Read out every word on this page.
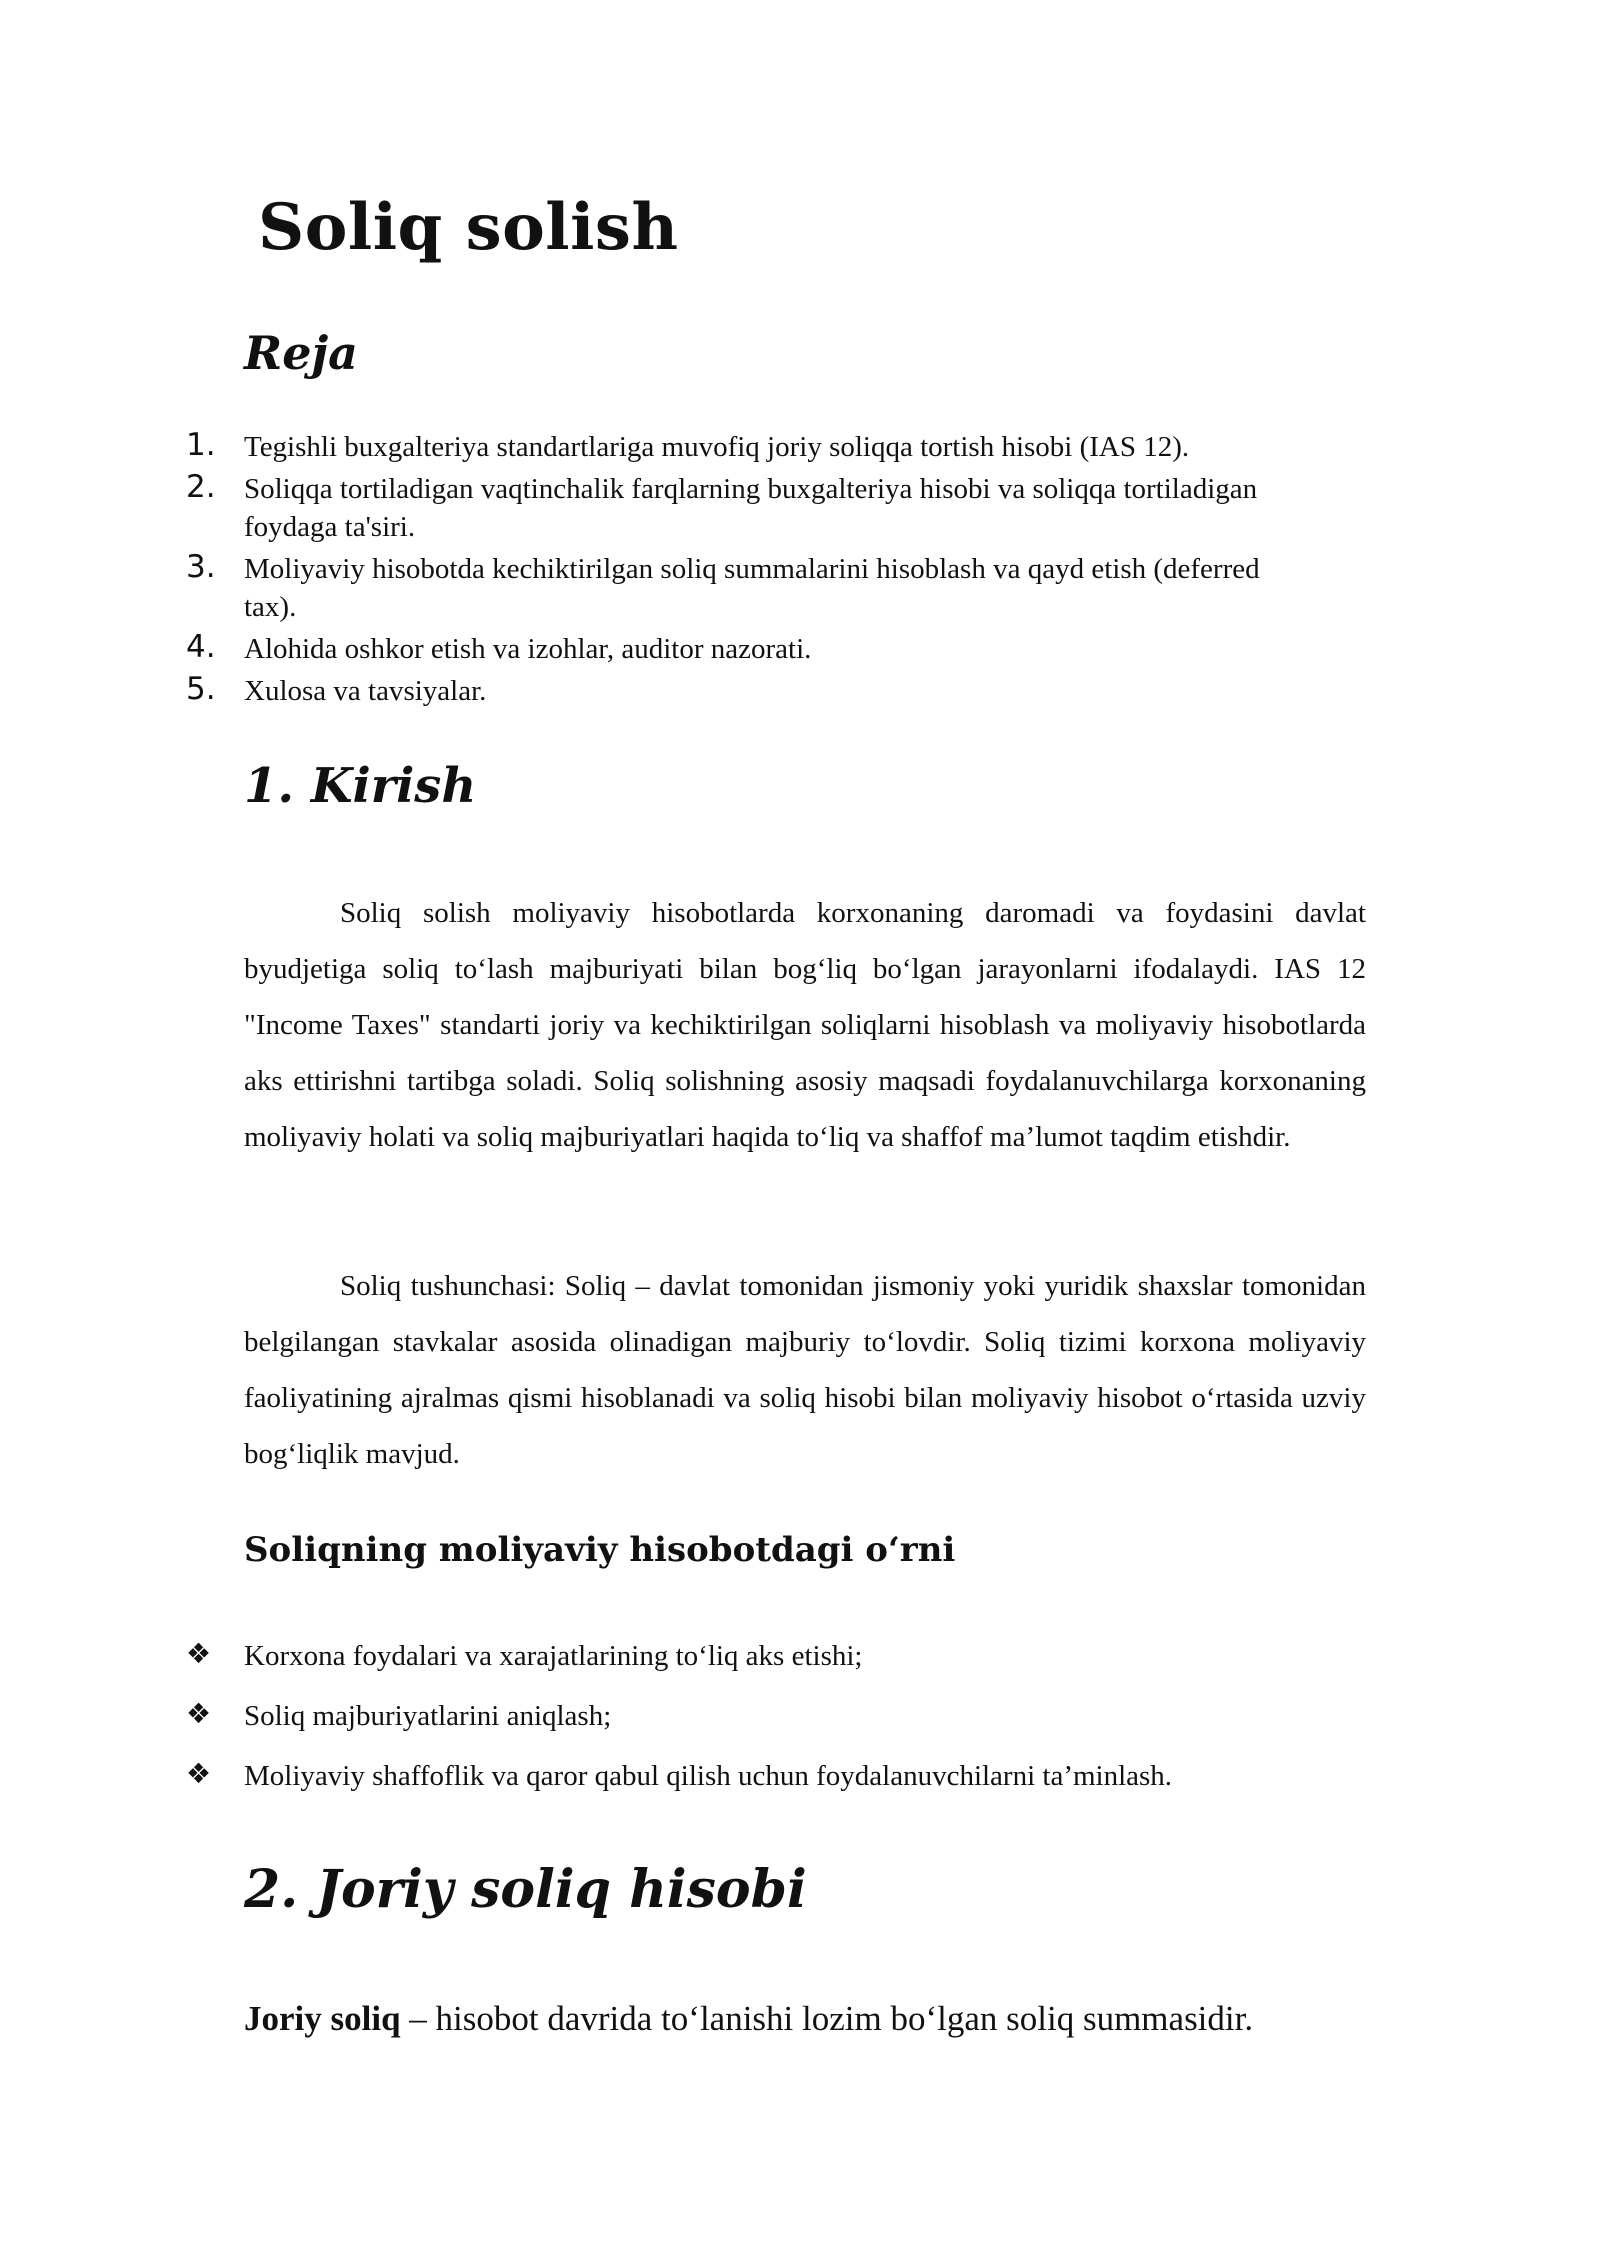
Soliq solish
Reja
1. Tegishli buxgalteriya standartlariga muvofiq joriy soliqqa tortish hisobi (IAS 12).
2. Soliqqa tortiladigan vaqtinchalik farqlarning buxgalteriya hisobi va soliqqa tortiladigan foydaga ta'siri.
3. Moliyaviy hisobotda kechiktirilgan soliq summalarini hisoblash va qayd etish (deferred tax).
4. Alohida oshkor etish va izohlar, auditor nazorati.
5. Xulosa va tavsiyalar.
1. Kirish

Soliq solish moliyaviy hisobotlarda korxonaning daromadi va foydasini davlat byudjetiga soliq to‘lash majburiyati bilan bog‘liq bo‘lgan jarayonlarni ifodalaydi. IAS 12 "Income Taxes" standarti joriy va kechiktirilgan soliqlarni hisoblash va moliyaviy hisobotlarda aks ettirishni tartibga soladi. Soliq solishning asosiy maqsadi foydalanuvchilarga korxonaning moliyaviy holati va soliq majburiyatlari haqida to‘liq va shaffof ma’lumot taqdim etishdir.

Soliq tushunchasi: Soliq – davlat tomonidan jismoniy yoki yuridik shaxslar tomonidan belgilangan stavkalar asosida olinadigan majburiy to‘lovdir. Soliq tizimi korxona moliyaviy faoliyatining ajralmas qismi hisoblanadi va soliq hisobi bilan moliyaviy hisobot o‘rtasida uzviy bog‘liqlik mavjud.

Soliqning moliyaviy hisobotdagi o‘rni
❖ Korxona foydalari va xarajatlarining to‘liq aks etishi;
❖ Soliq majburiyatlarini aniqlash;
❖ Moliyaviy shaffoflik va qaror qabul qilish uchun foydalanuvchilarni ta’minlash.
2. Joriy soliq hisobi

Joriy soliq – hisobot davrida to‘lanishi lozim bo‘lgan soliq summasidir.
